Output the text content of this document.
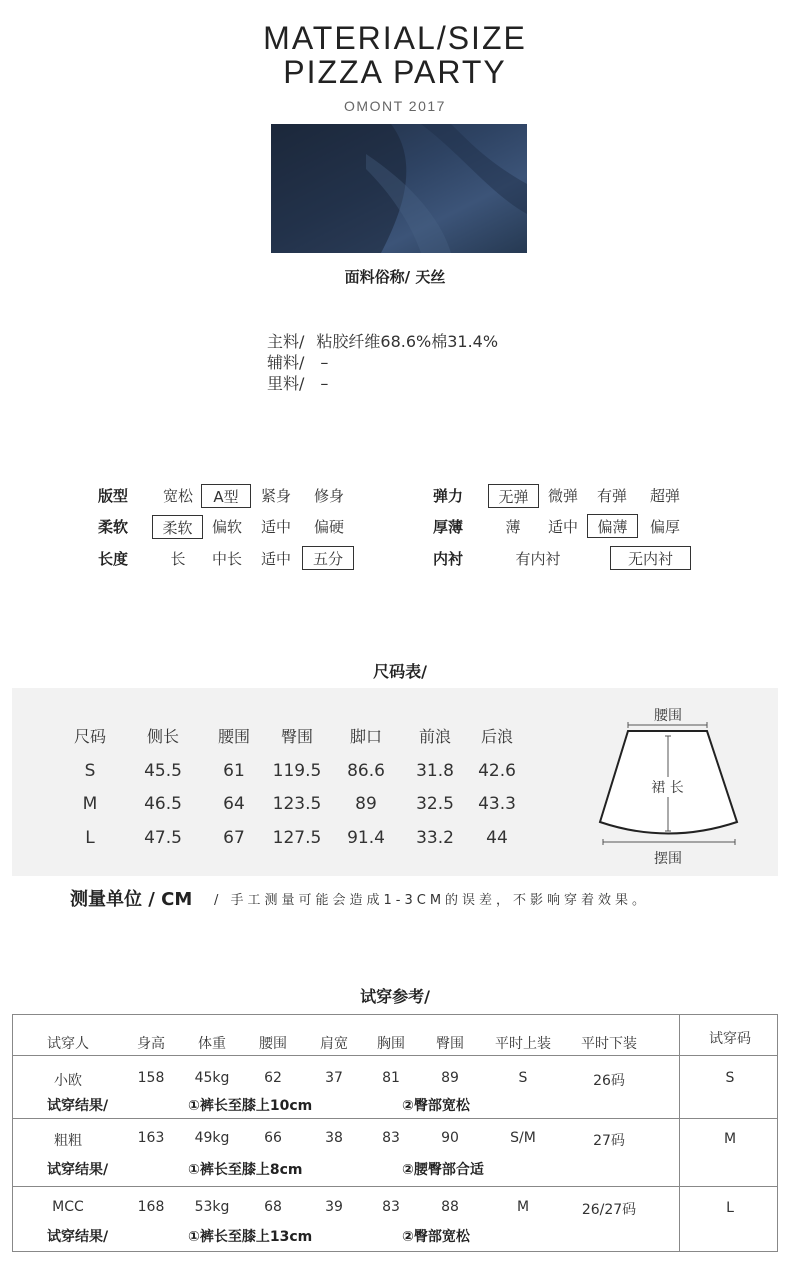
MATERIAL/SIZE
PIZZA PARTY
OMONT 2017
面料俗称/ 天丝
主料/ 粘胶纤维68.6%棉31.4%
辅料/ –
里料/ –
版型	宽松	A型	紧身	修身
柔软	柔软	偏软	适中	偏硬
长度	长	中长	适中	五分
弹力	无弹	微弹	有弹	超弹
厚薄	薄	适中	偏薄	偏厚
内衬	有内衬	无内衬
尺码表/
尺码	侧长	腰围	臀围	脚口	前浪	后浪
S	45.5	61	119.5	86.6	31.8	42.6
M	46.5	64	123.5	89	32.5	43.3
L	47.5	67	127.5	91.4	33.2	44
腰围
裙 长
摆围
测量单位 / CM / 手工测量可能会造成1-3CM的误差，不影响穿着效果。
试穿参考/
试穿人	身高	体重	腰围	肩宽	胸围	臀围	平时上装	平时下装	试穿码
小欧	158	45kg	62	37	81	89	S	26码	S
试穿结果/	①裤长至膝上10cm	②臀部宽松
粗粗	163	49kg	66	38	83	90	S/M	27码	M
试穿结果/	①裤长至膝上8cm	②腰臀部合适
MCC	168	53kg	68	39	83	88	M	26/27码	L
试穿结果/	①裤长至膝上13cm	②臀部宽松
